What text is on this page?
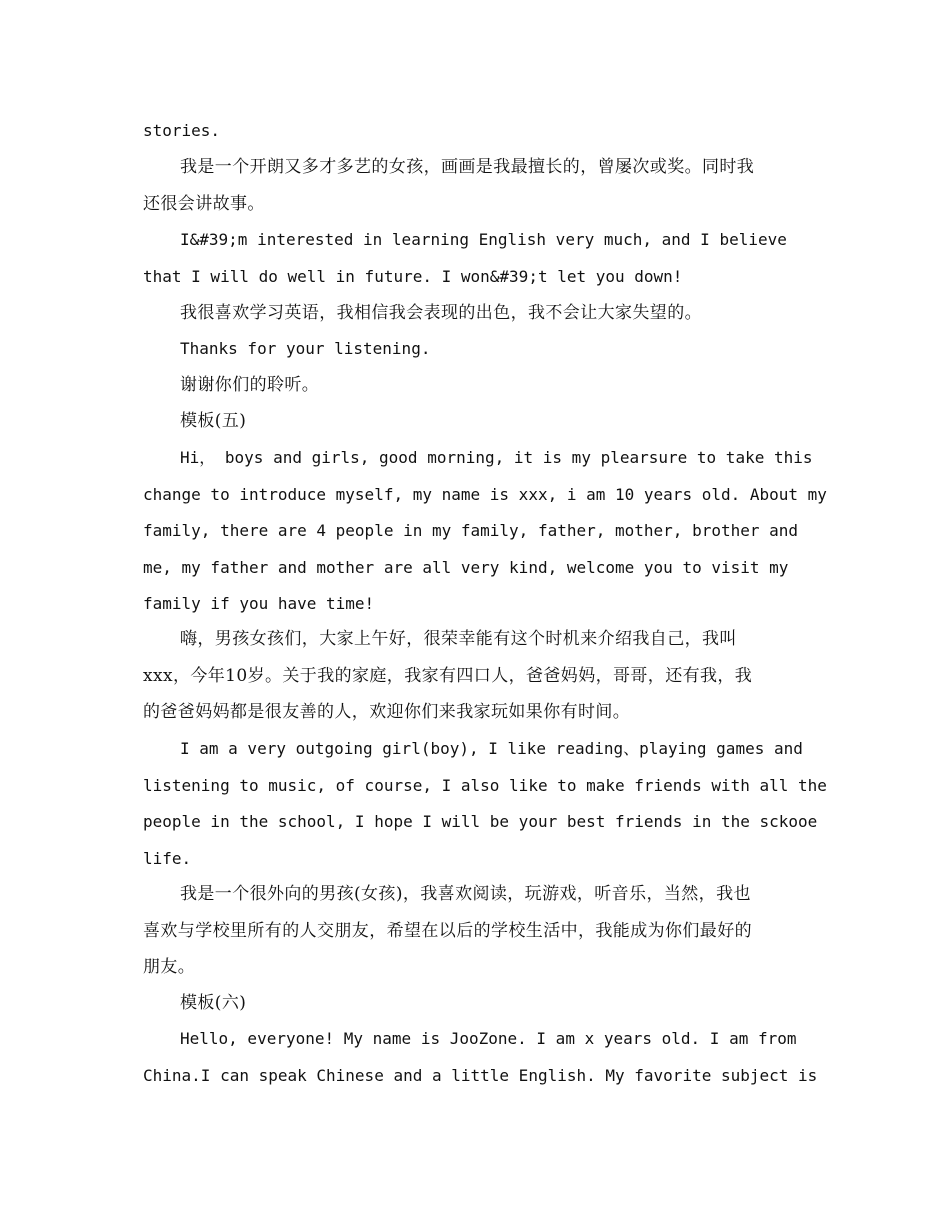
stories.
我是一个开朗又多才多艺的女孩，画画是我最擅长的，曾屡次或奖。同时我
还很会讲故事。
I&#39;m interested in learning English very much, and I believe
that I will do well in future. I won&#39;t let you down!
我很喜欢学习英语，我相信我会表现的出色，我不会让大家失望的。
Thanks for your listening.
谢谢你们的聆听。
模板(五)
Hi， boys and girls, good morning, it is my plearsure to take this
change to introduce myself, my name is xxx, i am 10 years old. About my
family, there are 4 people in my family, father, mother, brother and
me, my father and mother are all very kind, welcome you to visit my
family if you have time!
嗨，男孩女孩们，大家上午好，很荣幸能有这个时机来介绍我自己，我叫
xxx，今年10岁。关于我的家庭，我家有四口人，爸爸妈妈，哥哥，还有我，我
的爸爸妈妈都是很友善的人，欢迎你们来我家玩如果你有时间。
I am a very outgoing girl(boy), I like reading、playing games and
listening to music, of course, I also like to make friends with all the
people in the school, I hope I will be your best friends in the sckooe
life.
我是一个很外向的男孩(女孩)，我喜欢阅读，玩游戏，听音乐，当然，我也
喜欢与学校里所有的人交朋友，希望在以后的学校生活中，我能成为你们最好的
朋友。
模板(六)
Hello, everyone! My name is JooZone. I am x years old. I am from
China.I can speak Chinese and a little English. My favorite subject is
